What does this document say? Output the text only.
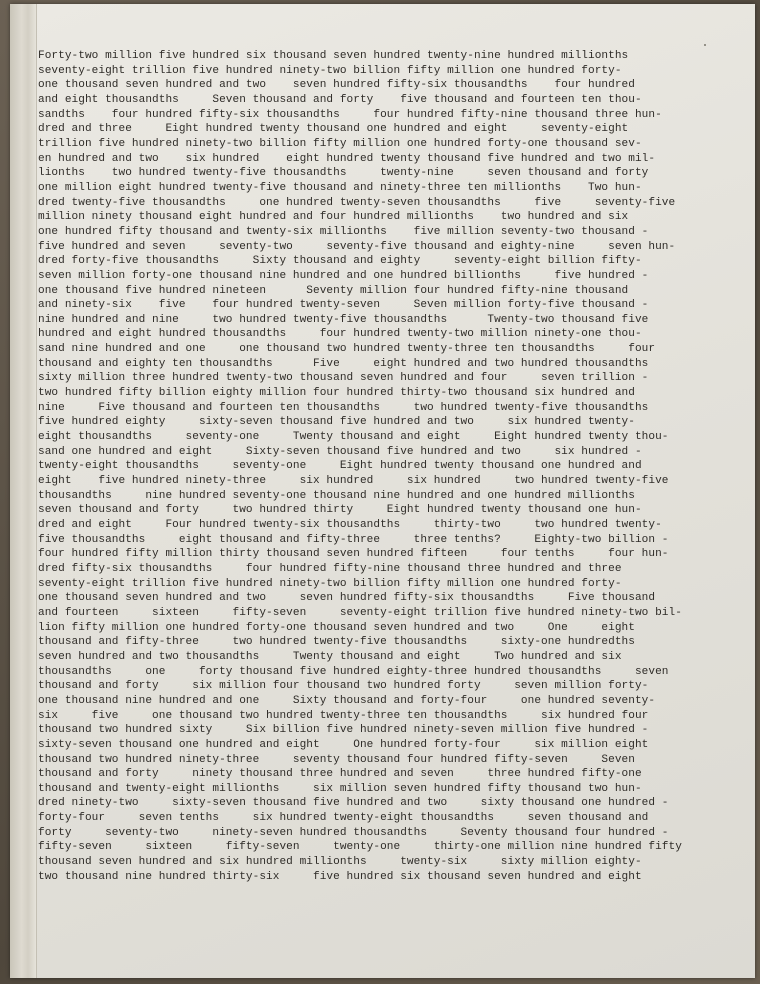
Forty-two million five hundred six thousand seven hundred twenty-nine hundred millionths
seventy-eight trillion five hundred ninety-two billion fifty million one hundred forty-
one thousand seven hundred and two    seven hundred fifty-six thousandths    four hundred
and eight thousandths     Seven thousand and forty    five thousand and fourteen ten thou-
sandths    four hundred fifty-six thousandths     four hundred fifty-nine thousand three hun-
dred and three     Eight hundred twenty thousand one hundred and eight     seventy-eight
trillion five hundred ninety-two billion fifty million one hundred forty-one thousand sev-
en hundred and two    six hundred    eight hundred twenty thousand five hundred and two mil-
lionths    two hundred twenty-five thousandths     twenty-nine     seven thousand and forty
one million eight hundred twenty-five thousand and ninety-three ten millionths    Two hun-
dred twenty-five thousandths     one hundred twenty-seven thousandths     five     seventy-five
million ninety thousand eight hundred and four hundred millionths    two hundred and six
one hundred fifty thousand and twenty-six millionths    five million seventy-two thousand -
five hundred and seven     seventy-two     seventy-five thousand and eighty-nine     seven hun-
dred forty-five thousandths     Sixty thousand and eighty     seventy-eight billion fifty-
seven million forty-one thousand nine hundred and one hundred billionths     five hundred -
one thousand five hundred nineteen      Seventy million four hundred fifty-nine thousand
and ninety-six    five    four hundred twenty-seven     Seven million forty-five thousand -
nine hundred and nine     two hundred twenty-five thousandths      Twenty-two thousand five
hundred and eight hundred thousandths     four hundred twenty-two million ninety-one thou-
sand nine hundred and one     one thousand two hundred twenty-three ten thousandths     four
thousand and eighty ten thousandths      Five     eight hundred and two hundred thousandths
sixty million three hundred twenty-two thousand seven hundred and four     seven trillion -
two hundred fifty billion eighty million four hundred thirty-two thousand six hundred and
nine     Five thousand and fourteen ten thousandths     two hundred twenty-five thousandths
five hundred eighty     sixty-seven thousand five hundred and two     six hundred twenty-
eight thousandths     seventy-one     Twenty thousand and eight     Eight hundred twenty thou-
sand one hundred and eight     Sixty-seven thousand five hundred and two     six hundred -
twenty-eight thousandths     seventy-one     Eight hundred twenty thousand one hundred and
eight    five hundred ninety-three     six hundred     six hundred     two hundred twenty-five
thousandths     nine hundred seventy-one thousand nine hundred and one hundred millionths
seven thousand and forty     two hundred thirty     Eight hundred twenty thousand one hun-
dred and eight     Four hundred twenty-six thousandths     thirty-two     two hundred twenty-
five thousandths     eight thousand and fifty-three     three tenths?     Eighty-two billion -
four hundred fifty million thirty thousand seven hundred fifteen     four tenths     four hun-
dred fifty-six thousandths     four hundred fifty-nine thousand three hundred and three
seventy-eight trillion five hundred ninety-two billion fifty million one hundred forty-
one thousand seven hundred and two     seven hundred fifty-six thousandths     Five thousand
and fourteen     sixteen     fifty-seven     seventy-eight trillion five hundred ninety-two bil-
lion fifty million one hundred forty-one thousand seven hundred and two     One     eight
thousand and fifty-three     two hundred twenty-five thousandths     sixty-one hundredths
seven hundred and two thousandths     Twenty thousand and eight     Two hundred and six
thousandths     one     forty thousand five hundred eighty-three hundred thousandths     seven
thousand and forty     six million four thousand two hundred forty     seven million forty-
one thousand nine hundred and one     Sixty thousand and forty-four     one hundred seventy-
six     five     one thousand two hundred twenty-three ten thousandths     six hundred four
thousand two hundred sixty     Six billion five hundred ninety-seven million five hundred -
sixty-seven thousand one hundred and eight     One hundred forty-four     six million eight
thousand two hundred ninety-three     seventy thousand four hundred fifty-seven     Seven
thousand and forty     ninety thousand three hundred and seven     three hundred fifty-one
thousand and twenty-eight millionths     six million seven hundred fifty thousand two hun-
dred ninety-two     sixty-seven thousand five hundred and two     sixty thousand one hundred -
forty-four     seven tenths     six hundred twenty-eight thousandths     seven thousand and
forty     seventy-two     ninety-seven hundred thousandths     Seventy thousand four hundred -
fifty-seven     sixteen     fifty-seven     twenty-one     thirty-one million nine hundred fifty
thousand seven hundred and six hundred millionths     twenty-six     sixty million eighty-
two thousand nine hundred thirty-six     five hundred six thousand seven hundred and eight
